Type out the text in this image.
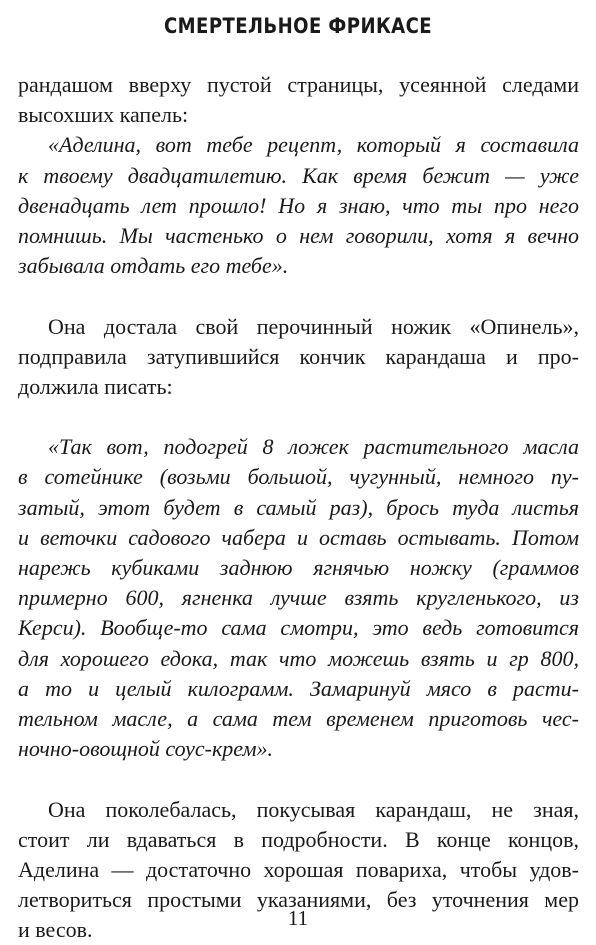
СМЕРТЕЛЬНОЕ ФРИКАСЕ
рандашом вверху пустой страницы, усеянной следами
высохших капель:
«Аделина, вот тебе рецепт, который я составила
к твоему двадцатилетию. Как время бежит — уже
двенадцать лет прошло! Но я знаю, что ты про него
помнишь. Мы частенько о нем говорили, хотя я вечно
забывала отдать его тебе».
Она достала свой перочинный ножик «Опинель»,
подправила затупившийся кончик карандаша и про-
должила писать:
«Так вот, подогрей 8 ложек растительного масла
в сотейнике (возьми большой, чугунный, немного пу-
затый, этот будет в самый раз), брось туда листья
и веточки садового чабера и оставь остывать. Потом
нарежь кубиками заднюю ягнячью ножку (граммов
примерно 600, ягненка лучше взять кругленького, из
Керси). Вообще-то сама смотри, это ведь готовится
для хорошего едока, так что можешь взять и гр 800,
а то и целый килограмм. Замаринуй мясо в расти-
тельном масле, а сама тем временем приготовь чес-
ночно-овощной соус-крем».
Она поколебалась, покусывая карандаш, не зная,
стоит ли вдаваться в подробности. В конце концов,
Аделина — достаточно хорошая повариха, чтобы удов-
летвориться простыми указаниями, без уточнения мер
и весов.	11
